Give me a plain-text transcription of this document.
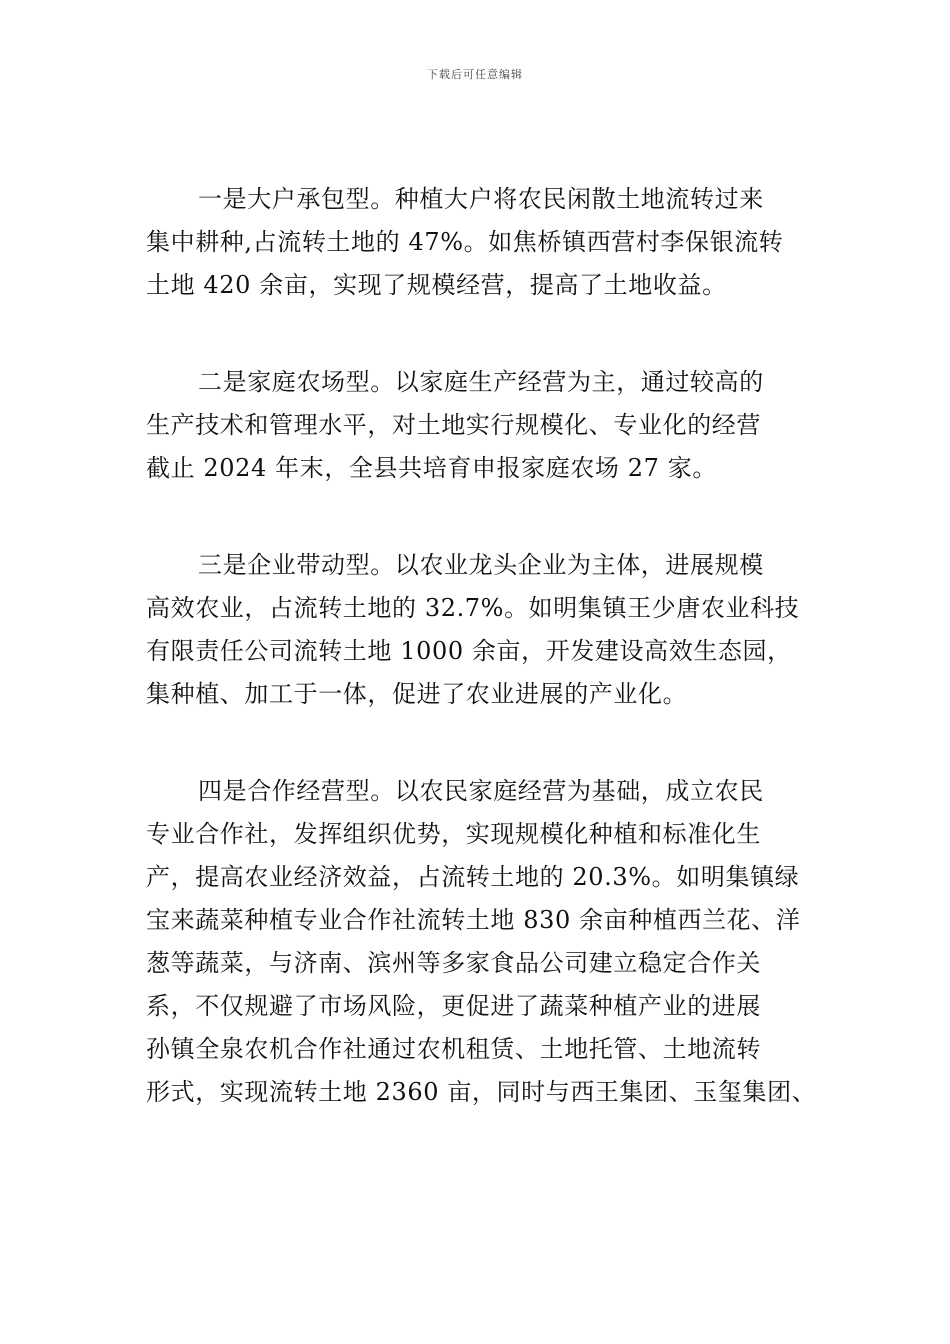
下载后可任意编辑
一是大户承包型。种植大户将农民闲散土地流转过来
集中耕种,占流转土地的 47%。如焦桥镇西营村李保银流转
土地 420 余亩，实现了规模经营，提高了土地收益。
二是家庭农场型。以家庭生产经营为主，通过较高的
生产技术和管理水平，对土地实行规模化、专业化的经营
截止 2024 年末，全县共培育申报家庭农场 27 家。
三是企业带动型。以农业龙头企业为主体，进展规模
高效农业，占流转土地的 32.7%。如明集镇王少唐农业科技
有限责任公司流转土地 1000 余亩，开发建设高效生态园，
集种植、加工于一体，促进了农业进展的产业化。
四是合作经营型。以农民家庭经营为基础，成立农民
专业合作社，发挥组织优势，实现规模化种植和标准化生
产，提高农业经济效益，占流转土地的 20.3%。如明集镇绿
宝来蔬菜种植专业合作社流转土地 830 余亩种植西兰花、洋
葱等蔬菜，与济南、滨州等多家食品公司建立稳定合作关
系，不仅规避了市场风险，更促进了蔬菜种植产业的进展
孙镇全泉农机合作社通过农机租赁、土地托管、土地流转
形式，实现流转土地 2360 亩，同时与西王集团、玉玺集团、
